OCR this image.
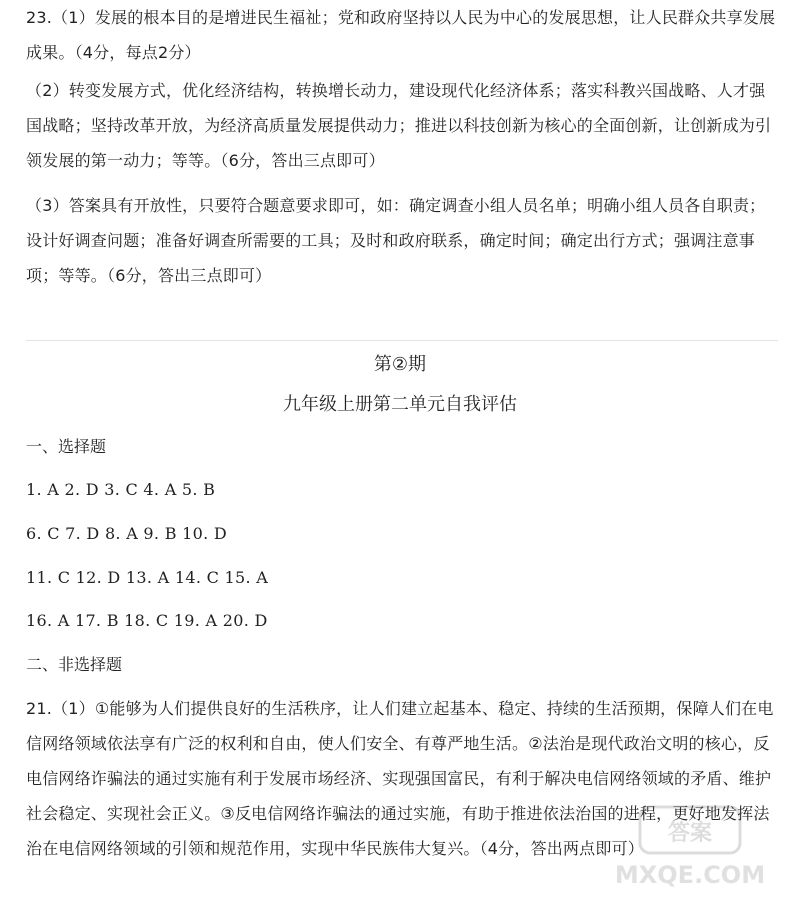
23.（1）发展的根本目的是增进民生福祉；党和政府坚持以人民为中心的发展思想，让人民群众共享发展成果。（4分，每点2分）
（2）转变发展方式，优化经济结构，转换增长动力，建设现代化经济体系；落实科教兴国战略、人才强国战略；坚持改革开放，为经济高质量发展提供动力；推进以科技创新为核心的全面创新，让创新成为引领发展的第一动力；等等。（6分，答出三点即可）
（3）答案具有开放性，只要符合题意要求即可，如：确定调查小组人员名单；明确小组人员各自职责；设计好调查问题；准备好调查所需要的工具；及时和政府联系，确定时间；确定出行方式；强调注意事项；等等。（6分，答出三点即可）
第②期
九年级上册第二单元自我评估
一、选择题
1. A 2. D 3. C 4. A 5. B
6. C 7. D 8. A 9. B 10. D
11. C 12. D 13. A 14. C 15. A
16. A 17. B 18. C 19. A 20. D
二、非选择题
21.（1）①能够为人们提供良好的生活秩序，让人们建立起基本、稳定、持续的生活预期，保障人们在电信网络领域依法享有广泛的权利和自由，使人们安全、有尊严地生活。②法治是现代政治文明的核心，反电信网络诈骗法的通过实施有利于发展市场经济、实现强国富民，有利于解决电信网络领域的矛盾、维护社会稳定、实现社会正义。③反电信网络诈骗法的通过实施，有助于推进依法治国的进程，更好地发挥法治在电信网络领域的引领和规范作用，实现中华民族伟大复兴。（4分，答出两点即可）
答案
MXQE.COM
